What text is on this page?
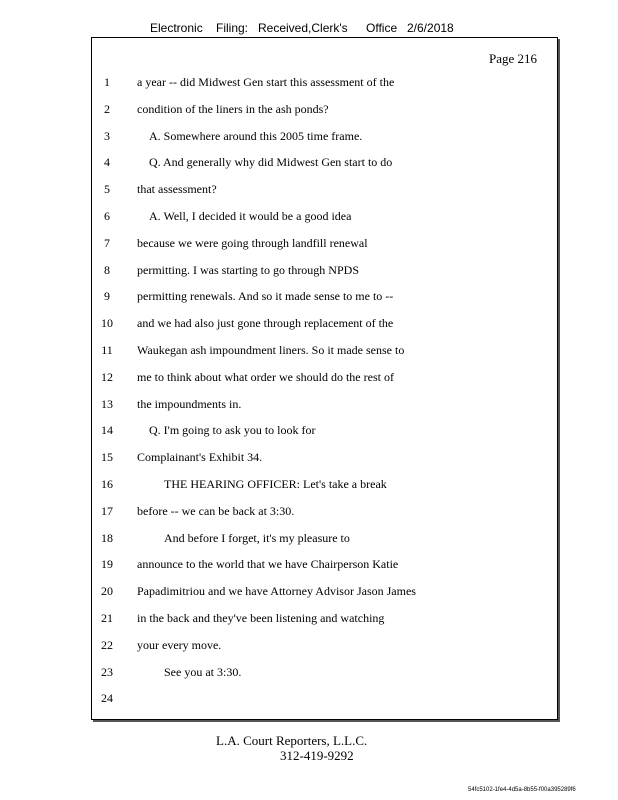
Electronic Filing: Received,Clerk's Office 2/6/2018
Page 216
1	a year -- did Midwest Gen start this assessment of the
2	condition of the liners in the ash ponds?
3	A. Somewhere around this 2005 time frame.
4	Q. And generally why did Midwest Gen start to do
5	that assessment?
6	A. Well, I decided it would be a good idea
7	because we were going through landfill renewal
8	permitting. I was starting to go through NPDS
9	permitting renewals. And so it made sense to me to --
10 and we had also just gone through replacement of the
11 Waukegan ash impoundment liners. So it made sense to
12 me to think about what order we should do the rest of
13 the impoundments in.
14	Q. I'm going to ask you to look for
15 Complainant's Exhibit 34.
16	THE HEARING OFFICER: Let's take a break
17 before -- we can be back at 3:30.
18	And before I forget, it's my pleasure to
19 announce to the world that we have Chairperson Katie
20 Papadimitriou and we have Attorney Advisor Jason James
21 in the back and they've been listening and watching
22 your every move.
23	See you at 3:30.
24
L.A. Court Reporters, L.L.C.
312-419-9292
54fc5102-1fe4-4d5a-8b55-f00a395289f6
